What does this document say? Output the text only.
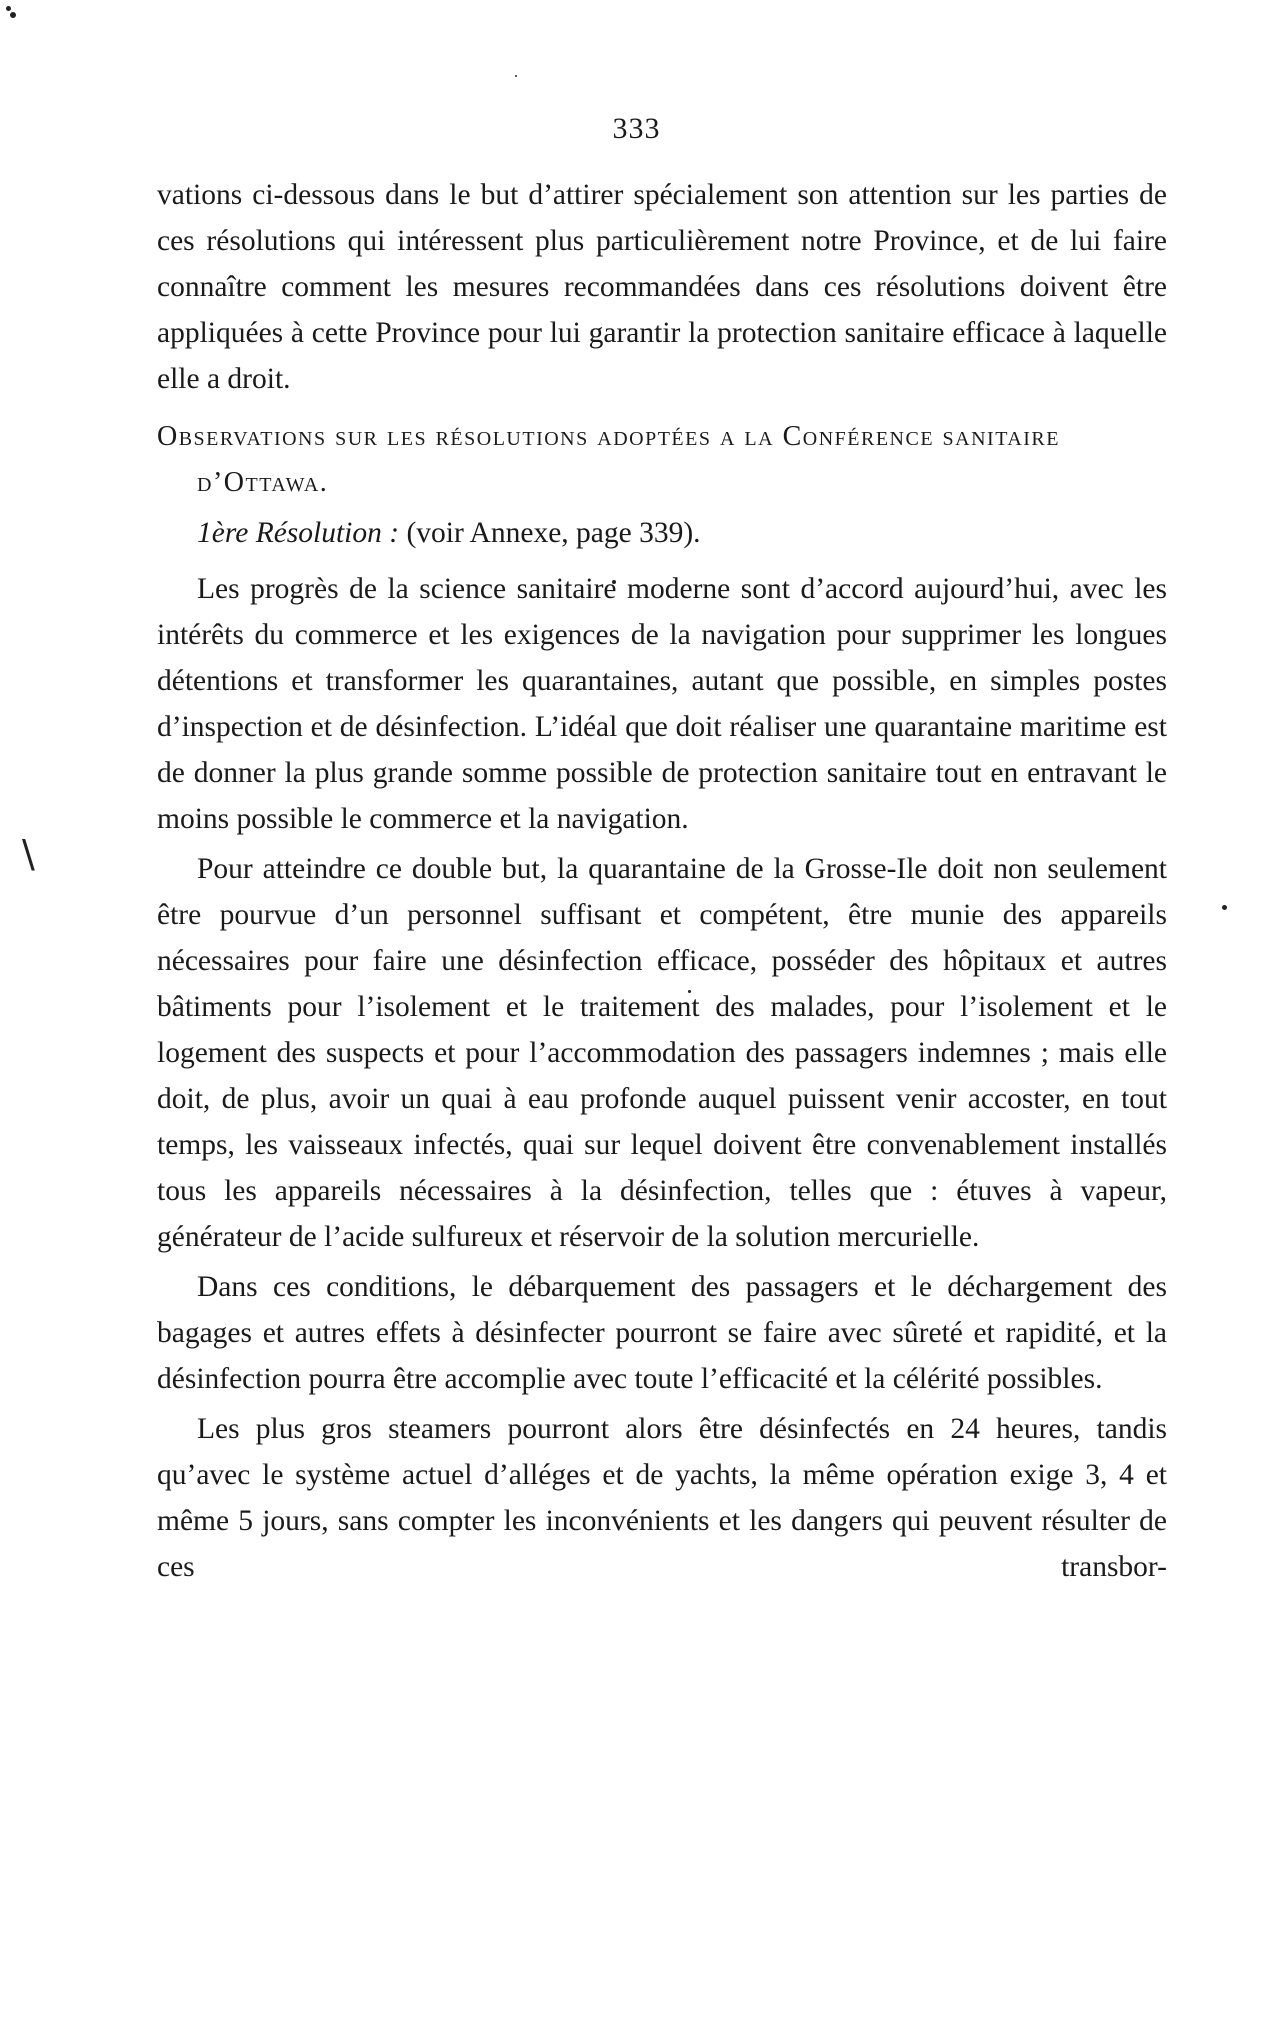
\
333

vations ci-dessous dans le but d’attirer spécialement son attention sur les parties de ces résolutions qui intéressent plus particulièrement notre Province, et de lui faire connaître comment les mesures recommandées dans ces résolutions doivent être appliquées à cette Province pour lui garantir la protection sanitaire efficace à laquelle elle a droit.

Observations sur les résolutions adoptées a la Conférence sanitaire d’Ottawa.

1ère Résolution : (voir Annexe, page 339).

Les progrès de la science sanitaire moderne sont d’accord aujourd’hui, avec les intérêts du commerce et les exigences de la navigation pour supprimer les longues détentions et transformer les quarantaines, autant que possible, en simples postes d’inspection et de désinfection. L’idéal que doit réaliser une quarantaine maritime est de donner la plus grande somme possible de protection sanitaire tout en entravant le moins possible le commerce et la navigation.

Pour atteindre ce double but, la quarantaine de la Grosse-Ile doit non seulement être pourvue d’un personnel suffisant et compétent, être munie des appareils nécessaires pour faire une désinfection efficace, posséder des hôpitaux et autres bâtiments pour l’isolement et le traitement des malades, pour l’isolement et le logement des suspects et pour l’accommodation des passagers indemnes ; mais elle doit, de plus, avoir un quai à eau profonde auquel puissent venir accoster, en tout temps, les vaisseaux infectés, quai sur lequel doivent être convenablement installés tous les appareils nécessaires à la désinfection, telles que : étuves à vapeur, générateur de l’acide sulfureux et réservoir de la solution mercurielle.

Dans ces conditions, le débarquement des passagers et le déchargement des bagages et autres effets à désinfecter pourront se faire avec sûreté et rapidité, et la désinfection pourra être accomplie avec toute l’efficacité et la célérité possibles.

Les plus gros steamers pourront alors être désinfectés en 24 heures, tandis qu’avec le système actuel d’alléges et de yachts, la même opération exige 3, 4 et même 5 jours, sans compter les inconvénients et les dangers qui peuvent résulter de ces transbor-
